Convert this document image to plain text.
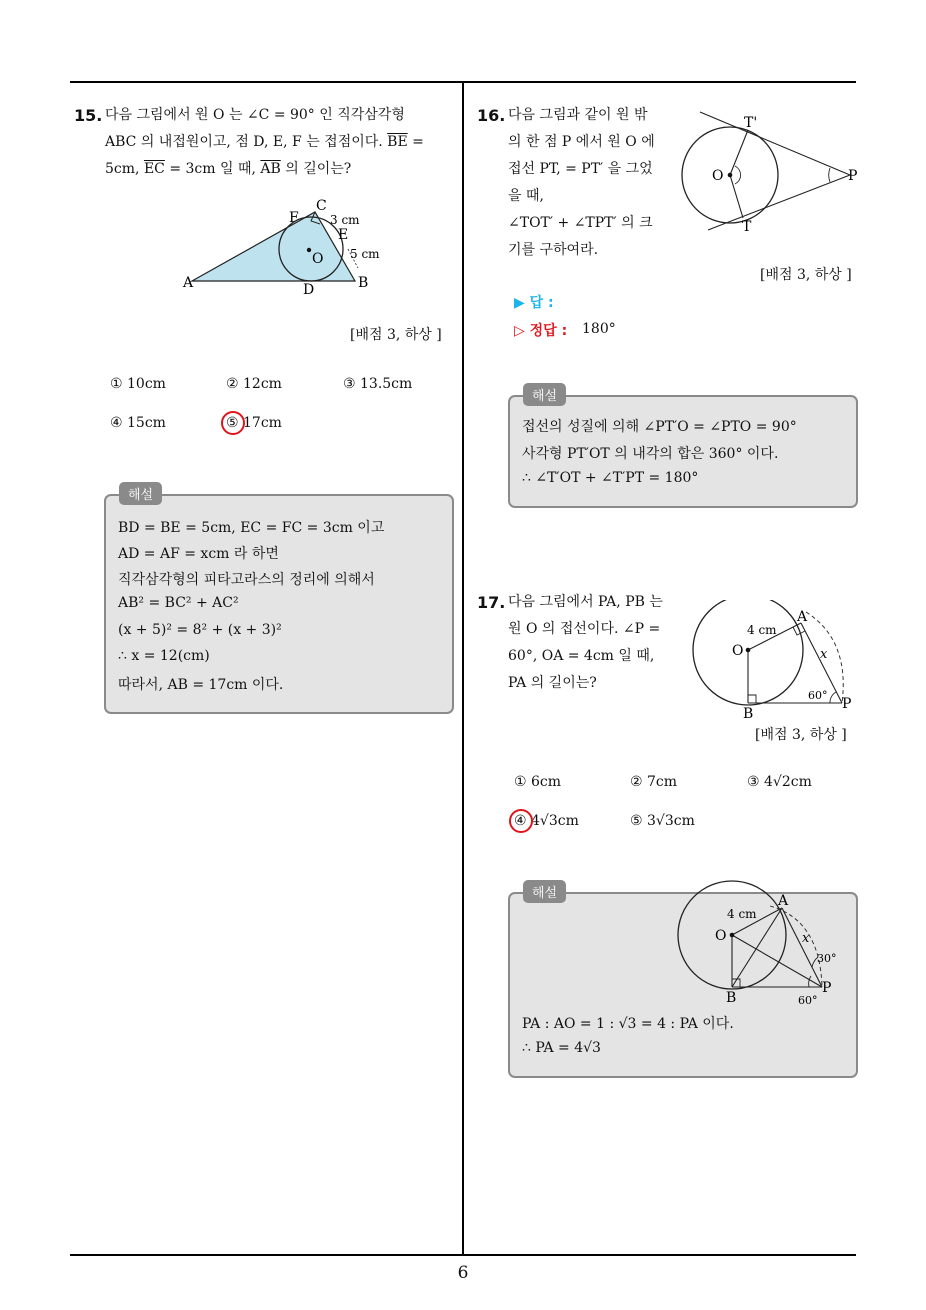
6
15. 다음 그림에서 원 O 는 ∠C = 90° 인 직각삼각형
ABC 의 내접원이고, 점 D, E, F 는 접점이다. $\overline{BE}$ =
5cm, $\overline{EC} = 3cm$ 일 때, $\overline{AB}$ 의 길이는?
A	B
C
D
E
F
O
3 cm
5 cm
[배점 3, 하상 ]
① 10cm	② 12cm	③ 13.5cm
④ 15cm	⑤ 17cm
해설
BD = BE = 5cm, EC = FC = 3cm 이고
AD = AF = xcm 라 하면
직각삼각형의 피타고라스의 정리에 의해서
AB² = BC² + AC²
(x + 5)² = 8² + (x + 3)²
∴ x = 12(cm)
따라서, AB = 17cm 이다.
16. 다음 그림과 같이 원 밖
의 한 점 P 에서 원 O 에
접선 PT, = PT′ 을 그었
을 때,
∠TOT′ + ∠TPT′ 의 크
기를 구하여라.
T'
T
O	P
[배점 3, 하상 ]
▶ 답 :
▷ 정답 : 180°
해설
접선의 성질에 의해 ∠PT′O = ∠PTO = 90°
사각형 PT′OT 의 내각의 합은 360° 이다.
∴ ∠T′OT + ∠T′PT = 180°
17. 다음 그림에서 PA, PB 는
원 O 의 접선이다. ∠P =
60°, OA = 4cm 일 때,
PA 의 길이는?
A
B
O
P
4 cm
x
60°
[배점 3, 하상 ]
① 6cm	② 7cm	③ 4√2cm
④ 4√3cm	⑤ 3√3cm
해설	A
B
O
P
4 cm
x
30°
60°
PA : AO = 1 : √3 = 4 : PA 이다.
∴ PA = 4√3
